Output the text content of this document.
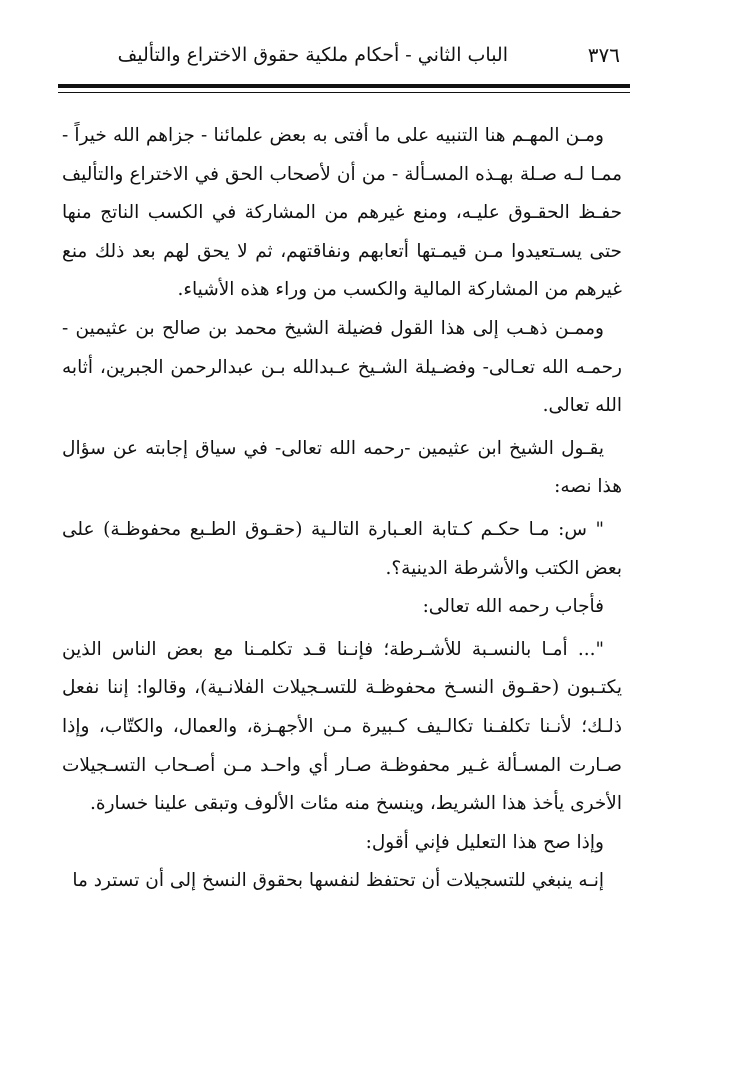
الباب الثاني - أحكام ملكية حقوق الاختراع والتأليف	٣٧٦

ومـن المهـم هنا التنبيه على ما أفتى به بعض علمائنا - جزاهم الله خيراً - ممـا لـه صـلة بهـذه المسـألة - من أن لأصحاب الحق في الاختراع والتأليف حفـظ الحقـوق عليـه، ومنع غيرهم من المشاركة في الكسب الناتج منها حتى يسـتعيدوا مـن قيمـتها أتعابهم ونفاقتهم، ثم لا يحق لهم بعد ذلك منع غيرهم من المشاركة المالية والكسب من وراء هذه الأشياء.

وممـن ذهـب إلى هذا القول فضيلة الشيخ محمد بن صالح بن عثيمين - رحمـه الله تعـالى- وفضـيلة الشـيخ عـبدالله بـن عبدالرحمن الجبرين، أثابه الله تعالى.

يقـول الشيخ ابن عثيمين -رحمه الله تعالى- في سياق إجابته عن سؤال هذا نصه:

" س: مـا حكـم كـتابة العـبارة التالـية (حقـوق الطـبع محفوظـة) على بعض الكتب والأشرطة الدينية؟.

فأجاب رحمه الله تعالى:

"... أمـا بالنسـبة للأشـرطة؛ فإنـنا قـد تكلمـنا مع بعض الناس الذين يكتـبون (حقـوق النسـخ محفوظـة للتسـجيلات الفلانـية)، وقالوا: إننا نفعل ذلـك؛ لأنـنا تكلفـنا تكالـيف كـبيرة مـن الأجهـزة، والعمال، والكتّاب، وإذا صـارت المسـألة غـير محفوظـة صـار أي واحـد مـن أصـحاب التسـجيلات الأخرى يأخذ هذا الشريط، وينسخ منه مئات الألوف وتبقى علينا خسارة.

وإذا صح هذا التعليل فإني أقول:

إنـه ينبغي للتسجيلات أن تحتفظ لنفسها بحقوق النسخ إلى أن تسترد ما
